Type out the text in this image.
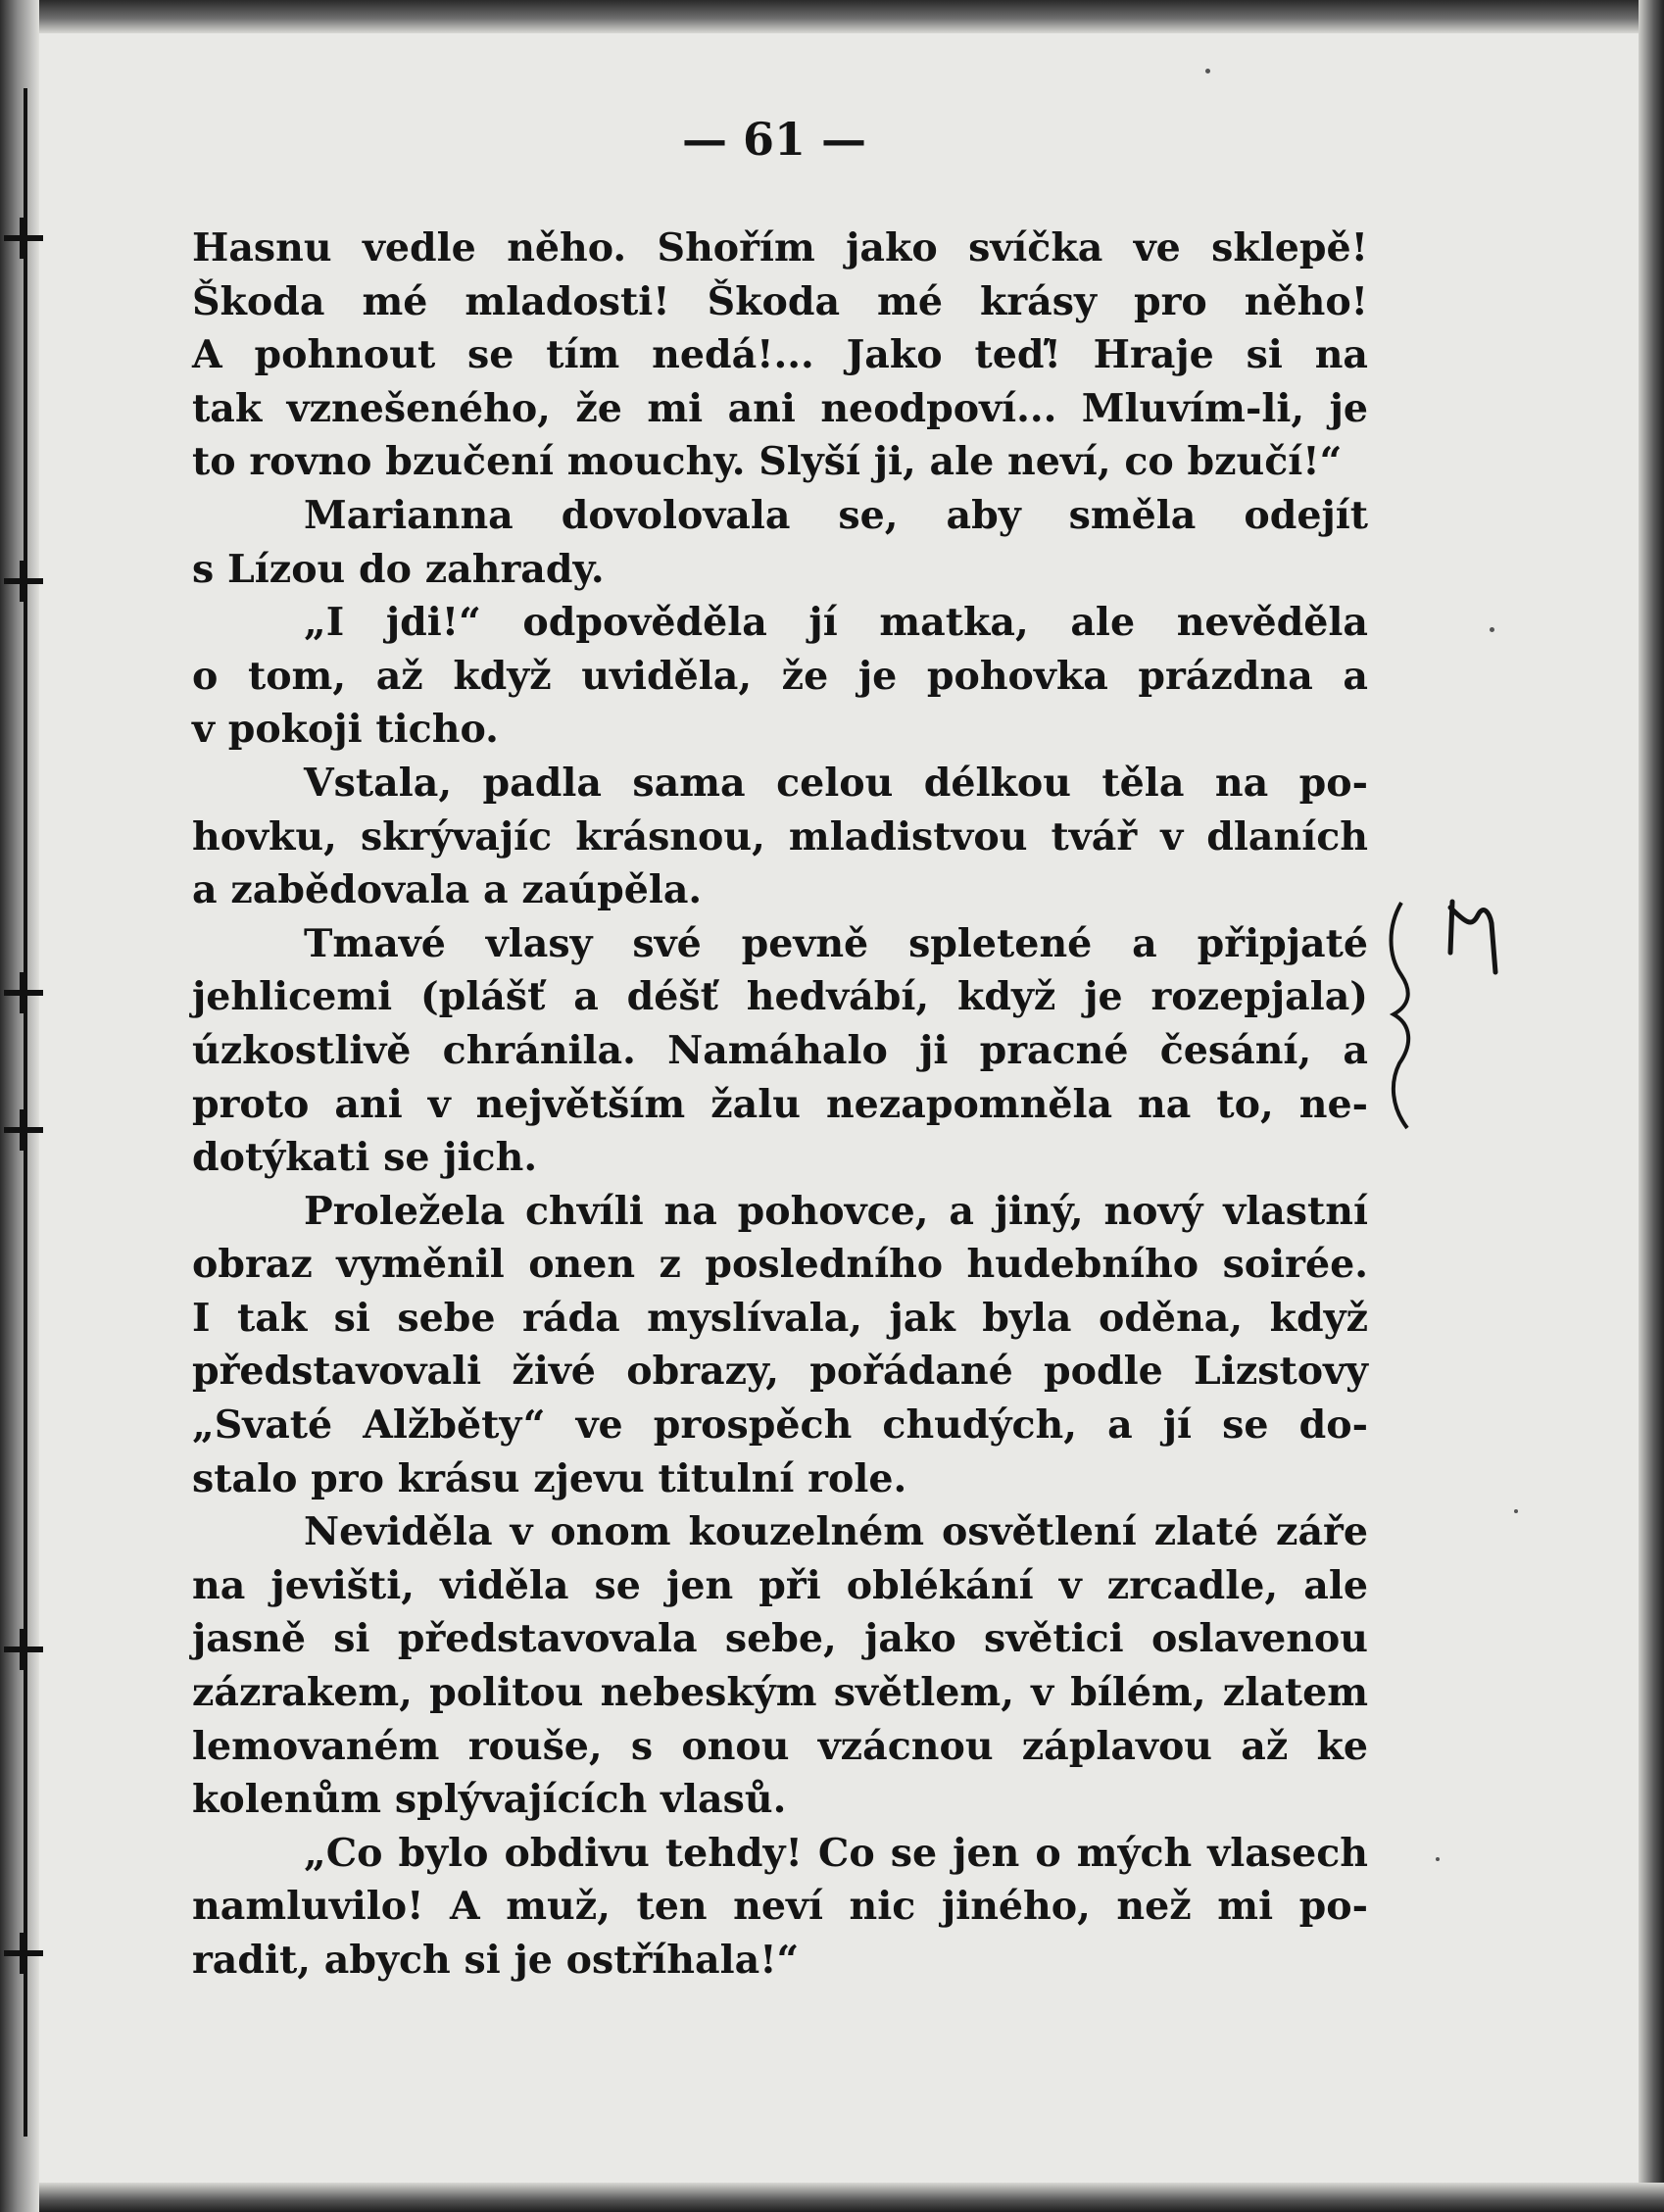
— 61 —
Hasnu vedle něho. Shořím jako svíčka ve sklepě!
Škoda mé mladosti! Škoda mé krásy pro něho!
A pohnout se tím nedá!... Jako teď! Hraje si na
tak vznešeného, že mi ani neodpoví... Mluvím-li, je
to rovno bzučení mouchy. Slyší ji, ale neví, co bzučí!“
Marianna dovolovala se, aby směla odejít
s Lízou do zahrady.
„I jdi!“ odpověděla jí matka, ale nevěděla
o tom, až když uviděla, že je pohovka prázdna a
v pokoji ticho.
Vstala, padla sama celou délkou těla na po-
hovku, skrývajíc krásnou, mladistvou tvář v dlaních
a zabědovala a zaúpěla.
Tmavé vlasy své pevně spletené a připjaté
jehlicemi (plášť a déšť hedvábí, když je rozepjala)
úzkostlivě chránila. Namáhalo ji pracné česání, a
proto ani v největším žalu nezapomněla na to, ne-
dotýkati se jich.
Proležela chvíli na pohovce, a jiný, nový vlastní
obraz vyměnil onen z posledního hudebního soirée.
I tak si sebe ráda myslívala, jak byla oděna, když
představovali živé obrazy, pořádané podle Lizstovy
„Svaté Alžběty“ ve prospěch chudých, a jí se do-
stalo pro krásu zjevu titulní role.
Neviděla v onom kouzelném osvětlení zlaté záře
na jevišti, viděla se jen při oblékání v zrcadle, ale
jasně si představovala sebe, jako světici oslavenou
zázrakem, politou nebeským světlem, v bílém, zlatem
lemovaném rouše, s onou vzácnou záplavou až ke
kolenům splývajících vlasů.
„Co bylo obdivu tehdy! Co se jen o mých vlasech
namluvilo! A muž, ten neví nic jiného, než mi po-
radit, abych si je ostříhala!“
